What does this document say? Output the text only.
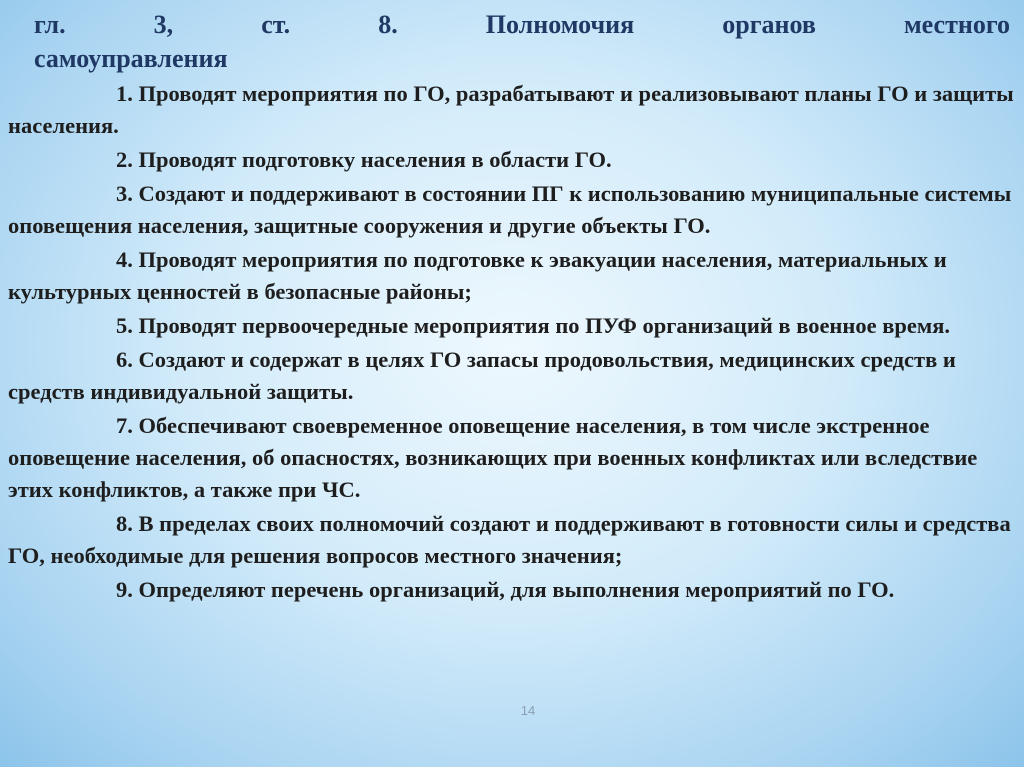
гл. 3, ст. 8. Полномочия органов местного

самоуправления

1. Проводят мероприятия по ГО, разрабатывают и реализовывают планы ГО и защиты населения.

2. Проводят подготовку населения в области ГО.

3. Создают и поддерживают в состоянии ПГ к использованию муниципальные системы оповещения населения, защитные сооружения и другие объекты ГО.

4. Проводят мероприятия по подготовке к эвакуации населения, материальных и культурных ценностей в безопасные районы;

5. Проводят первоочередные мероприятия по ПУФ организаций в военное время.

6. Создают и содержат в целях ГО запасы продовольствия, медицинских средств и средств индивидуальной защиты.

7. Обеспечивают своевременное оповещение населения, в том числе экстренное оповещение населения, об опасностях, возникающих при военных конфликтах или вследствие этих конфликтов, а также при ЧС.

8. В пределах своих полномочий создают и поддерживают в готовности силы и средства ГО, необходимые для решения вопросов местного значения;

9. Определяют перечень организаций, для выполнения мероприятий по ГО.

14
